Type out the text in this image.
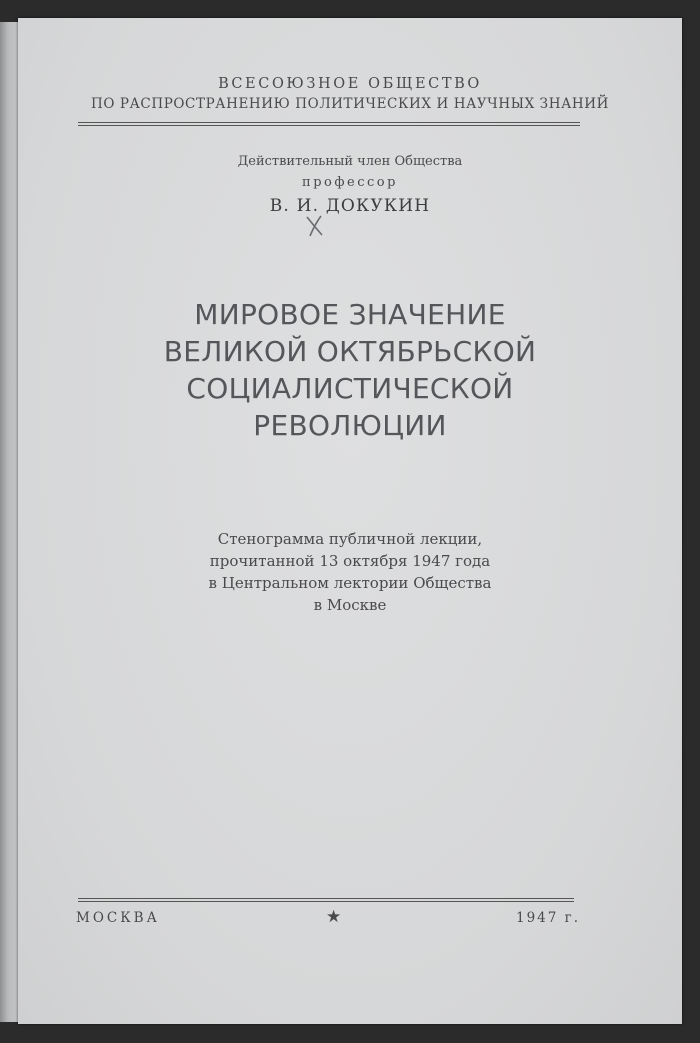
ВСЕСОЮЗНОЕ ОБЩЕСТВО
ПО РАСПРОСТРАНЕНИЮ ПОЛИТИЧЕСКИХ И НАУЧНЫХ ЗНАНИЙ
Действительный член Общества
профессор
В. И. ДОКУКИН
МИРОВОЕ ЗНАЧЕНИЕ
ВЕЛИКОЙ ОКТЯБРЬСКОЙ
СОЦИАЛИСТИЧЕСКОЙ
РЕВОЛЮЦИИ
Стенограмма публичной лекции,
прочитанной 13 октября 1947 года
в Центральном лектории Общества
в Москве
МОСКВА	★	1947 г.
